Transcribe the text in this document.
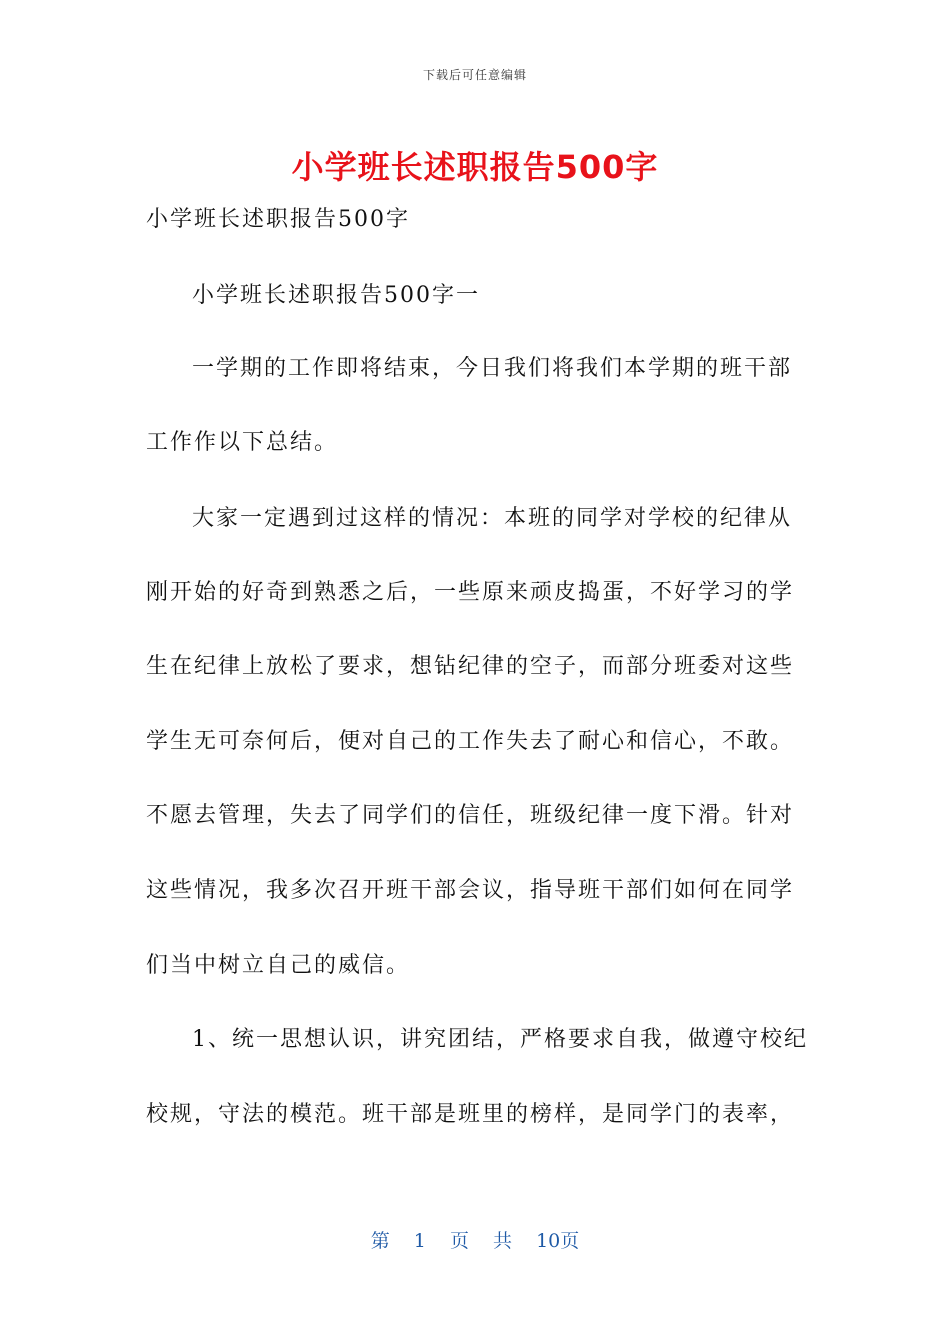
下载后可任意编辑
小学班长述职报告500字
小学班长述职报告500字
小学班长述职报告500字一
一学期的工作即将结束，今日我们将我们本学期的班干部
工作作以下总结。
大家一定遇到过这样的情况：本班的同学对学校的纪律从
刚开始的好奇到熟悉之后，一些原来顽皮捣蛋，不好学习的学
生在纪律上放松了要求，想钻纪律的空子，而部分班委对这些
学生无可奈何后，便对自己的工作失去了耐心和信心，不敢。
不愿去管理，失去了同学们的信任，班级纪律一度下滑。针对
这些情况，我多次召开班干部会议，指导班干部们如何在同学
们当中树立自己的威信。
1、统一思想认识，讲究团结，严格要求自我，做遵守校纪
校规，守法的模范。班干部是班里的榜样，是同学门的表率，
第 1 页 共 10页
